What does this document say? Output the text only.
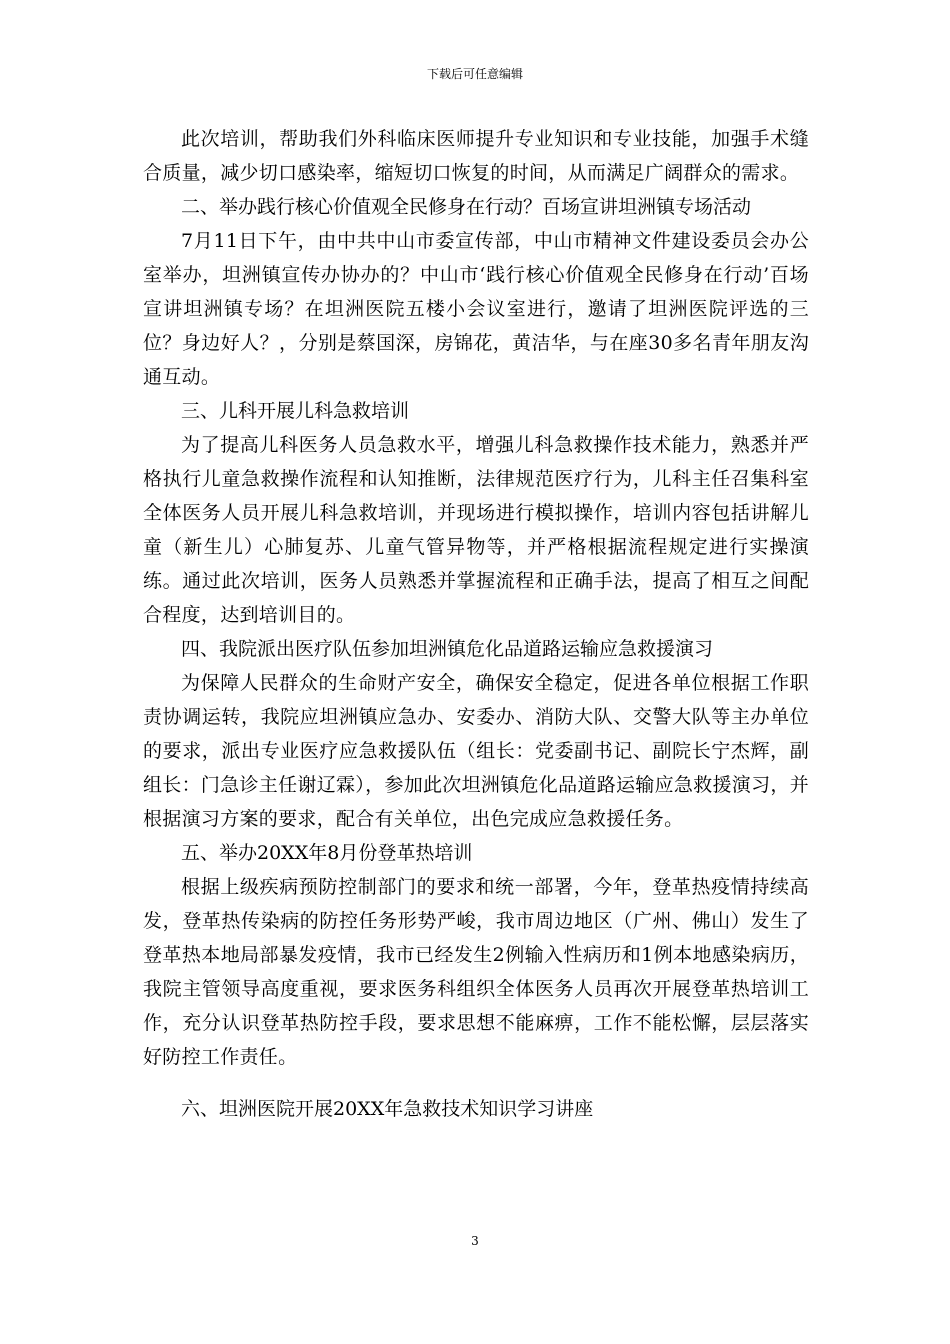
下载后可任意编辑

此次培训，帮助我们外科临床医师提升专业知识和专业技能，加强手术缝合质量，减少切口感染率，缩短切口恢复的时间，从而满足广阔群众的需求。

二、举办践行核心价值观全民修身在行动？百场宣讲坦洲镇专场活动

7月11日下午，由中共中山市委宣传部，中山市精神文件建设委员会办公室举办，坦洲镇宣传办协办的？中山市‘践行核心价值观全民修身在行动’百场宣讲坦洲镇专场？在坦洲医院五楼小会议室进行，邀请了坦洲医院评选的三位？身边好人？，分别是蔡国深，房锦花，黄洁华，与在座30多名青年朋友沟通互动。

三、儿科开展儿科急救培训

为了提高儿科医务人员急救水平，增强儿科急救操作技术能力，熟悉并严格执行儿童急救操作流程和认知推断，法律规范医疗行为，儿科主任召集科室全体医务人员开展儿科急救培训，并现场进行模拟操作，培训内容包括讲解儿童（新生儿）心肺复苏、儿童气管异物等，并严格根据流程规定进行实操演练。通过此次培训，医务人员熟悉并掌握流程和正确手法，提高了相互之间配合程度，达到培训目的。

四、我院派出医疗队伍参加坦洲镇危化品道路运输应急救援演习

为保障人民群众的生命财产安全，确保安全稳定，促进各单位根据工作职责协调运转，我院应坦洲镇应急办、安委办、消防大队、交警大队等主办单位的要求，派出专业医疗应急救援队伍（组长：党委副书记、副院长宁杰辉，副组长：门急诊主任谢辽霖），参加此次坦洲镇危化品道路运输应急救援演习，并根据演习方案的要求，配合有关单位，出色完成应急救援任务。

五、举办20XX年8月份登革热培训

根据上级疾病预防控制部门的要求和统一部署，今年，登革热疫情持续高发，登革热传染病的防控任务形势严峻，我市周边地区（广州、佛山）发生了登革热本地局部暴发疫情，我市已经发生2例输入性病历和1例本地感染病历，我院主管领导高度重视，要求医务科组织全体医务人员再次开展登革热培训工作，充分认识登革热防控手段，要求思想不能麻痹，工作不能松懈，层层落实好防控工作责任。

六、坦洲医院开展20XX年急救技术知识学习讲座

3
